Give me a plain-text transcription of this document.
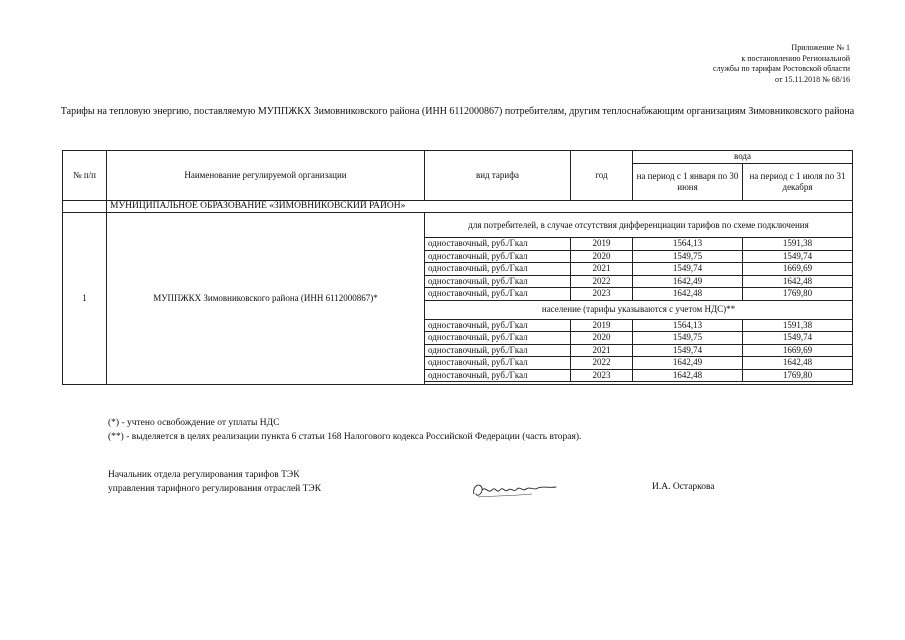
Приложение № 1
к постановлению Региональной
службы по тарифам Ростовской области
от 15.11.2018 № 68/16
Тарифы на тепловую энергию, поставляемую МУППЖКХ Зимовниковского района (ИНН 6112000867) потребителям, другим теплоснабжающим организациям Зимовниковского района
№ п/п	Наименование регулируемой организации	вид тарифа	год	вода	
				на период с 1 января по 30 июня	на период с 1 июля по 31 декабря
	МУНИЦИПАЛЬНОЕ ОБРАЗОВАНИЕ «ЗИМОВНИКОВСКИЙ РАЙОН»				
1	МУППЖКХ Зимовниковского района (ИНН 6112000867)*	для потребителей, в случае отсутствия дифференциации тарифов по схеме подключения			
		одноставочный, руб./Гкал	2019	1564,13	1591,38
		одноставочный, руб./Гкал	2020	1549,75	1549,74
		одноставочный, руб./Гкал	2021	1549,74	1669,69
		одноставочный, руб./Гкал	2022	1642,49	1642,48
		одноставочный, руб./Гкал	2023	1642,48	1769,80
		население (тарифы указываются с учетом НДС)**			
		одноставочный, руб./Гкал	2019	1564,13	1591,38
		одноставочный, руб./Гкал	2020	1549,75	1549,74
		одноставочный, руб./Гкал	2021	1549,74	1669,69
		одноставочный, руб./Гкал	2022	1642,49	1642,48
		одноставочный, руб./Гкал	2023	1642,48	1769,80

(*) - учтено освобождение от уплаты НДС
(**) - выделяется в целях реализации пункта 6 статьи 168 Налогового кодекса Российской Федерации (часть вторая).
Начальник отдела регулирования тарифов ТЭК
управления тарифного регулирования отраслей ТЭК	И.А. Остаркова
